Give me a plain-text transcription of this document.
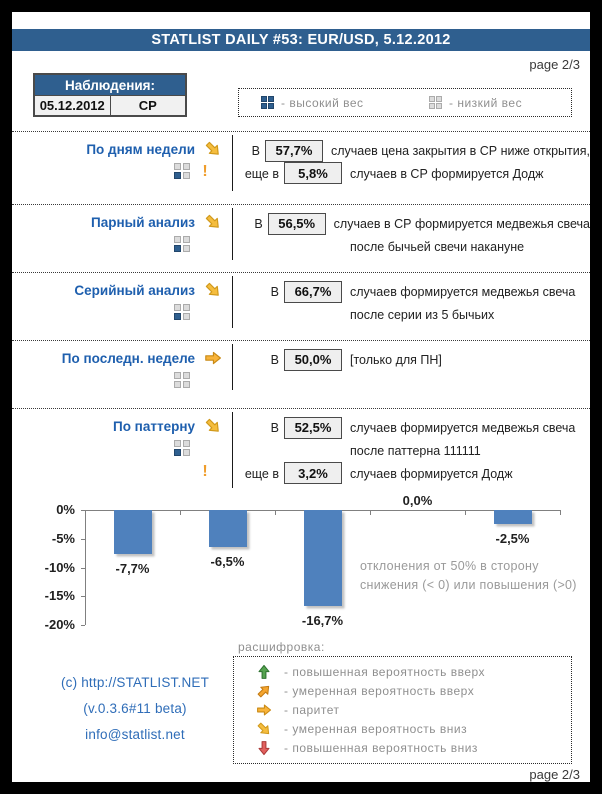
STATLIST DAILY #53: EUR/USD, 5.12.2012
page 2/3
Наблюдения:
05.12.2012	СР	- высокий вес	- низкий вес
По дням недели
!
В	57,7%	случаев цена закрытия в СР ниже открытия,
еще в	5,8%	случаев в СР формируется Додж
Парный анализ	В	56,5%	случаев в СР формируется медвежья свеча
после бычьей свечи накануне
Серийный анализ	В	66,7%	случаев формируется медвежья свеча
после серии из 5 бычьих
По последн. неделе	В	50,0%	[только для ПН]
По паттерну
!
В	52,5%	случаев формируется медвежья свеча
после паттерна 111111
еще в	3,2%	случаев формируется Додж
0%
-5%
-10%
-15%
-20%
-7,7%	-6,5%
-16,7%
0,0%
-2,5%
отклонения от 50% в сторону снижения (< 0) или повышения (>0)
(c) http://STATLIST.NET
(v.0.3.6#11 beta)
info@statlist.net
расшифровка:
- повышенная вероятность вверх
- умеренная вероятность вверх
- паритет
- умеренная вероятность вниз
- повышенная вероятность вниз
page 2/3
